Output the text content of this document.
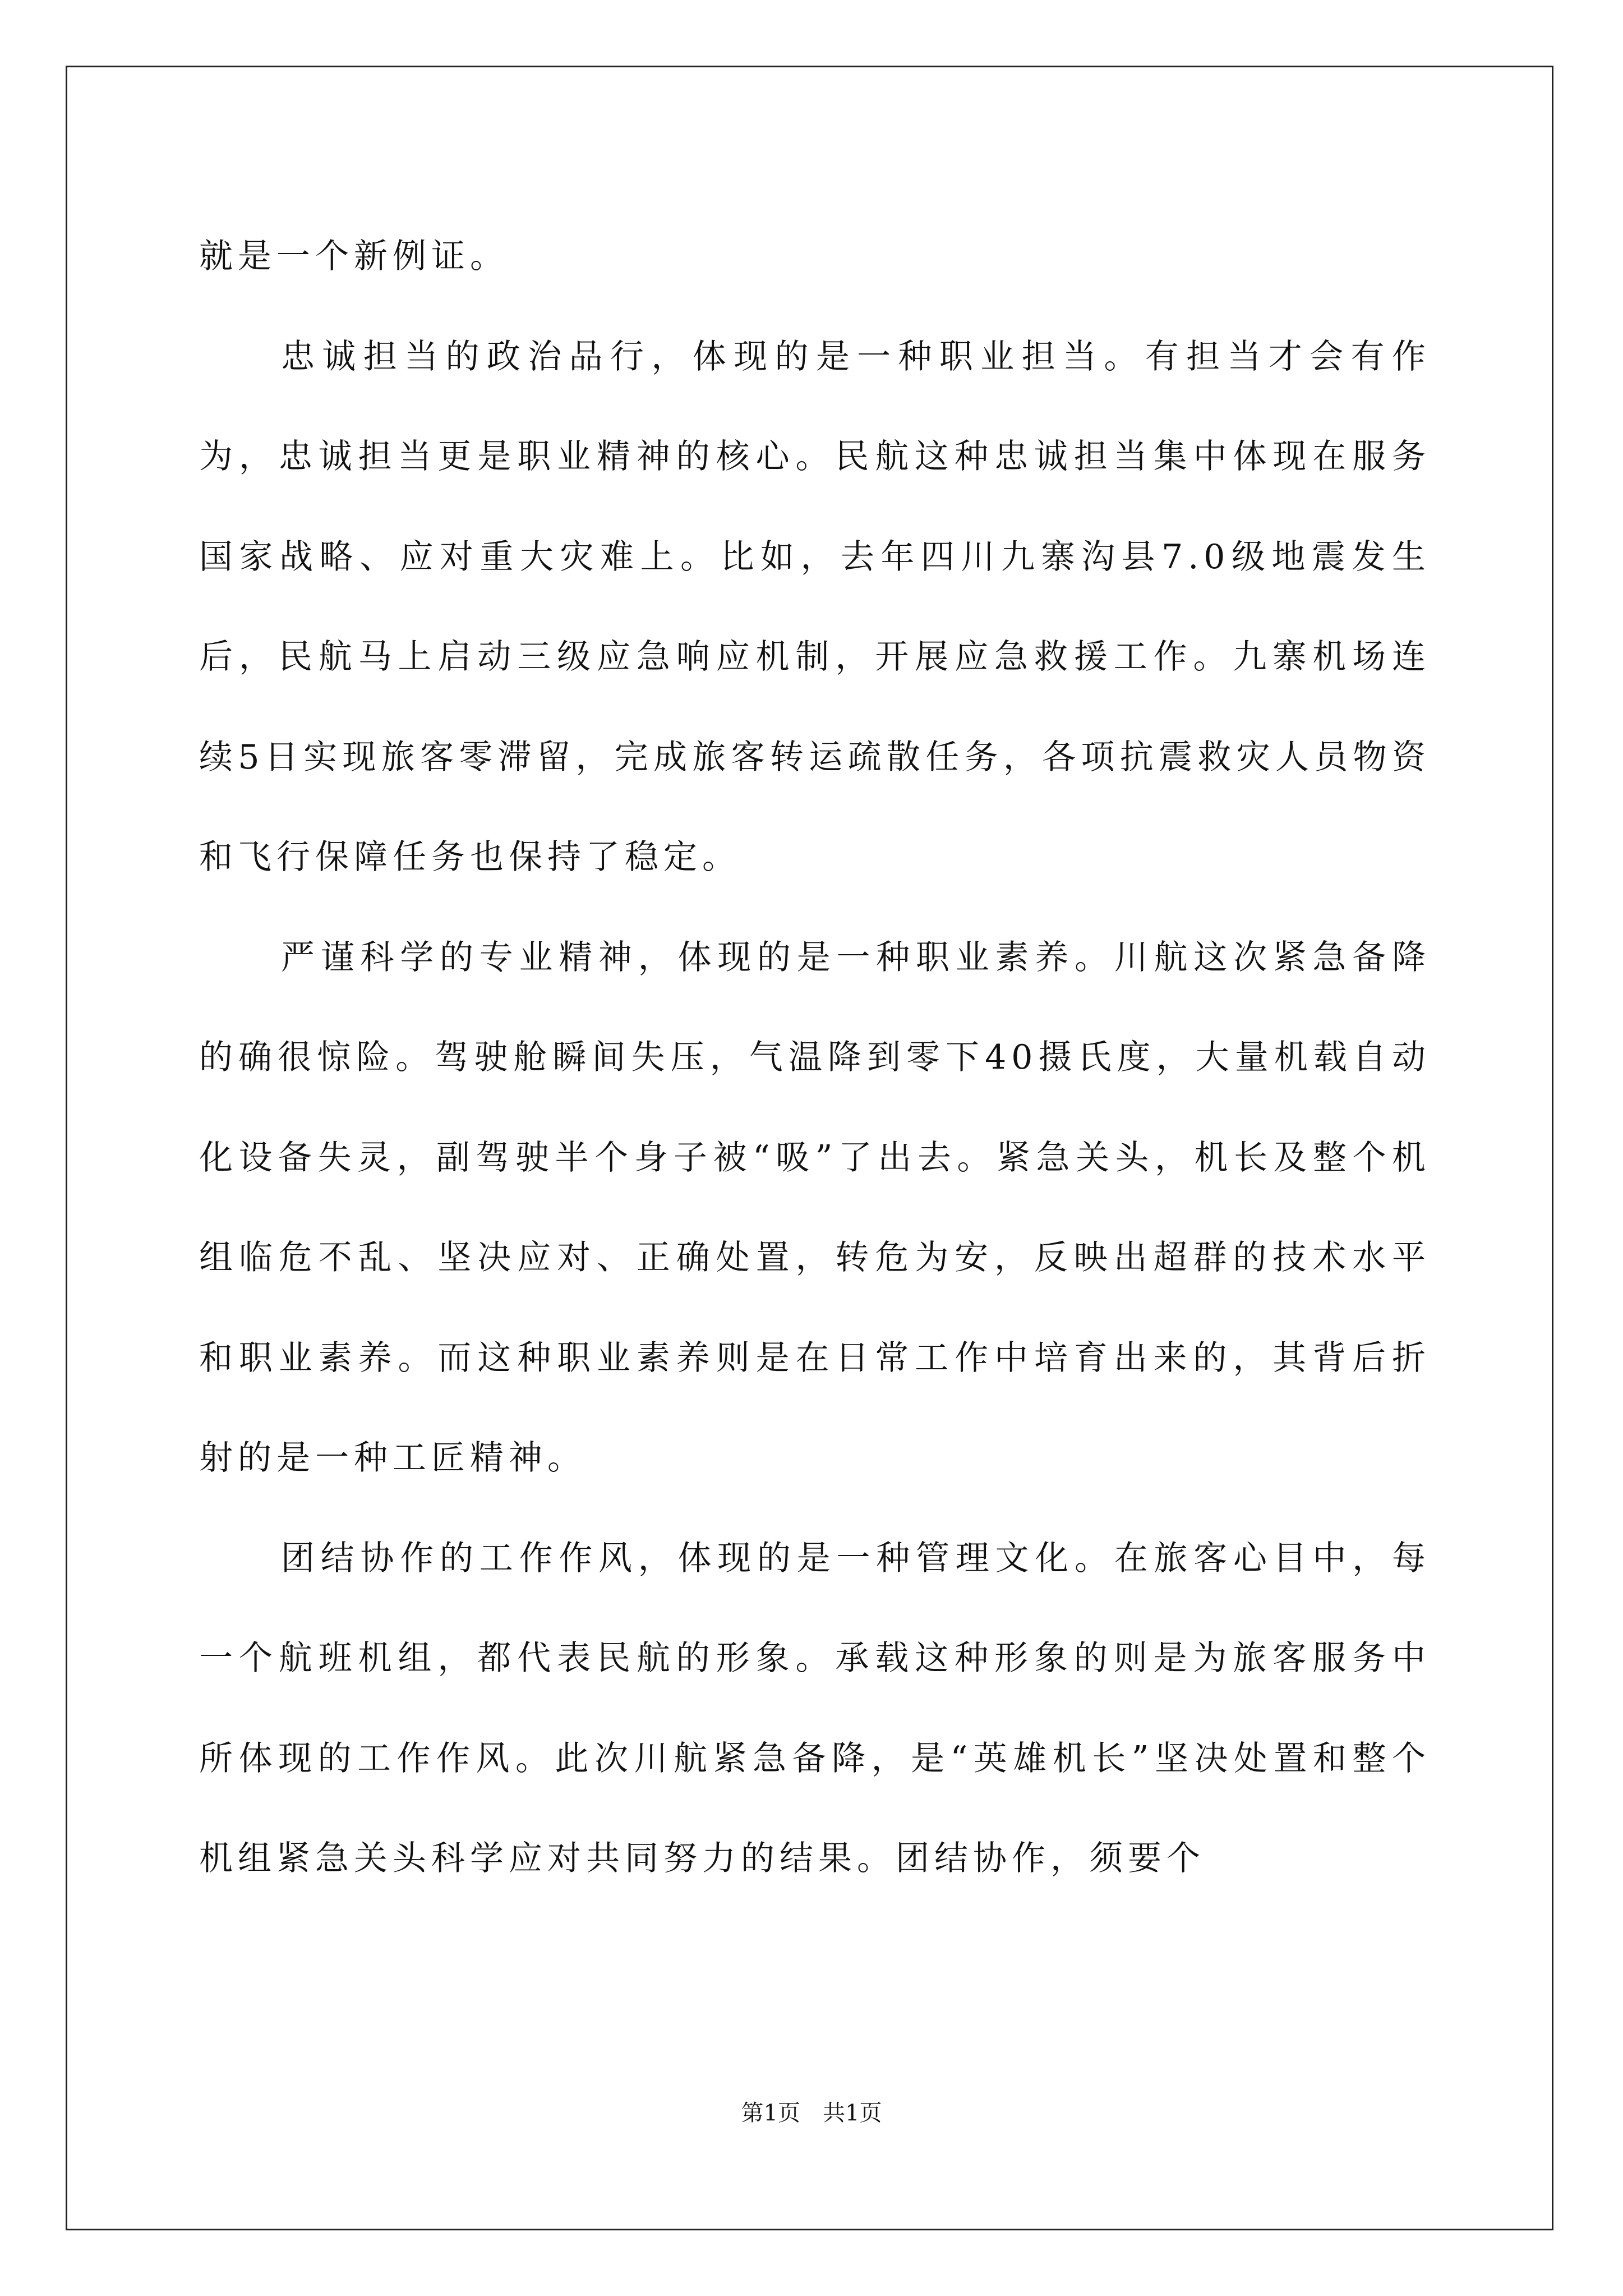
就是一个新例证。

忠诚担当的政治品行，体现的是一种职业担当。有担当才会有作为，忠诚担当更是职业精神的核心。民航这种忠诚担当集中体现在服务国家战略、应对重大灾难上。比如，去年四川九寨沟县7.0级地震发生后，民航马上启动三级应急响应机制，开展应急救援工作。九寨机场连续5日实现旅客零滞留，完成旅客转运疏散任务，各项抗震救灾人员物资和飞行保障任务也保持了稳定。

严谨科学的专业精神，体现的是一种职业素养。川航这次紧急备降的确很惊险。驾驶舱瞬间失压，气温降到零下40摄氏度，大量机载自动化设备失灵，副驾驶半个身子被“吸”了出去。紧急关头，机长及整个机组临危不乱、坚决应对、正确处置，转危为安，反映出超群的技术水平和职业素养。而这种职业素养则是在日常工作中培育出来的，其背后折射的是一种工匠精神。

团结协作的工作作风，体现的是一种管理文化。在旅客心目中，每一个航班机组，都代表民航的形象。承载这种形象的则是为旅客服务中所体现的工作作风。此次川航紧急备降，是“英雄机长”坚决处置和整个机组紧急关头科学应对共同努力的结果。团结协作，须要个

第1页　共1页
